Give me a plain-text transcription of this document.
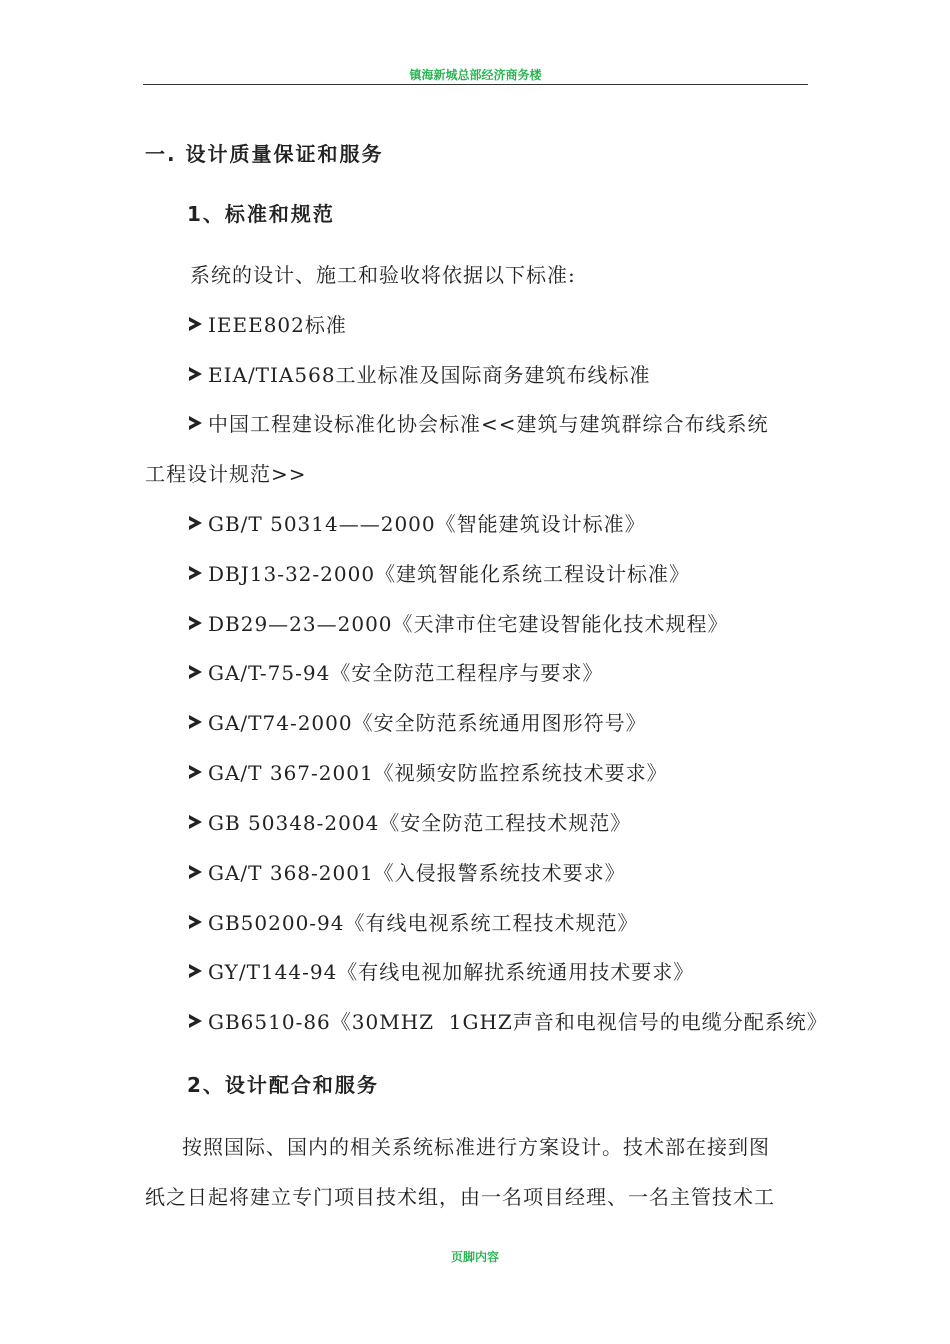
镇海新城总部经济商务楼
一. 设计质量保证和服务
1、标准和规范
系统的设计、施工和验收将依据以下标准:
IEEE802标准
EIA/TIA568工业标准及国际商务建筑布线标准
中国工程建设标准化协会标准<<建筑与建筑群综合布线系统
工程设计规范>>
GB/T 50314——2000《智能建筑设计标准》
DBJ13-32-2000《建筑智能化系统工程设计标准》
DB29—23—2000《天津市住宅建设智能化技术规程》
GA/T-75-94《安全防范工程程序与要求》
GA/T74-2000《安全防范系统通用图形符号》
GA/T 367-2001《视频安防监控系统技术要求》
GB 50348-2004《安全防范工程技术规范》
GA/T 368-2001《入侵报警系统技术要求》
GB50200-94《有线电视系统工程技术规范》
GY/T144-94《有线电视加解扰系统通用技术要求》
GB6510-86《30MHZ  1GHZ声音和电视信号的电缆分配系统》
2、设计配合和服务
按照国际、国内的相关系统标准进行方案设计。技术部在接到图
纸之日起将建立专门项目技术组，由一名项目经理、一名主管技术工
页脚内容
